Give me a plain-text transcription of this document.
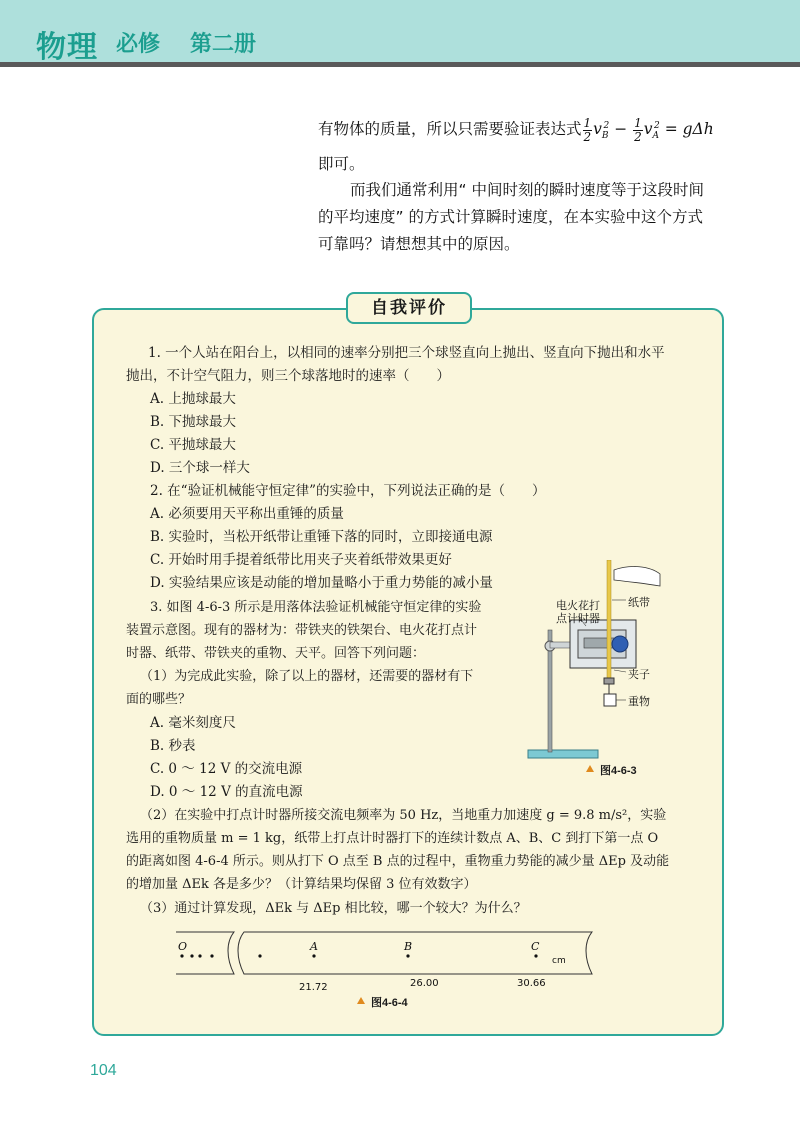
物理 必修 第二册
有物体的质量，所以只需要验证表达式 $\frac{1}{2} v_B^2 - \frac{1}{2} v_A^2 = g\Delta h$
即可。
而我们通常利用“ 中间时刻的瞬时速度等于这段时间
的平均速度” 的方式计算瞬时速度，在本实验中这个方式
可靠吗？请想想其中的原因。
自我评价
1. 一个人站在阳台上，以相同的速率分别把三个球竖直向上抛出、竖直向下抛出和水平
抛出，不计空气阻力，则三个球落地时的速率（　　）
A. 上抛球最大
B. 下抛球最大
C. 平抛球最大
D. 三个球一样大
2. 在“验证机械能守恒定律”的实验中，下列说法正确的是（　　）
A. 必须要用天平称出重锤的质量
B. 实验时，当松开纸带让重锤下落的同时，立即接通电源
C. 开始时用手提着纸带比用夹子夹着纸带效果更好
D. 实验结果应该是动能的增加量略小于重力势能的减小量
3. 如图 4-6-3 所示是用落体法验证机械能守恒定律的实验
装置示意图。现有的器材为：带铁夹的铁架台、电火花打点计
时器、纸带、带铁夹的重物、天平。回答下列问题：
（1）为完成此实验，除了以上的器材，还需要的器材有下
面的哪些？
A. 毫米刻度尺
B. 秒表
C. 0 ～ 12 V 的交流电源
D. 0 ～ 12 V 的直流电源
（2）在实验中打点计时器所接交流电频率为 50 Hz，当地重力加速度 g = 9.8 m/s²，实验
选用的重物质量 m = 1 kg，纸带上打点计时器打下的连续计数点 A、B、C 到打下第一点 O
的距离如图 4-6-4 所示。则从打下 O 点至 B 点的过程中，重物重力势能的减少量 ΔEp 及动能
的增加量 ΔEk 各是多少？（计算结果均保留 3 位有效数字）
（3）通过计算发现，ΔEk 与 ΔEp 相比较，哪一个较大？为什么？
电火花打
点计时器
纸带
夹子
重物
图4-6-3
O	A	B	C
cm
21.72	26.00	30.66
图4-6-4
104
